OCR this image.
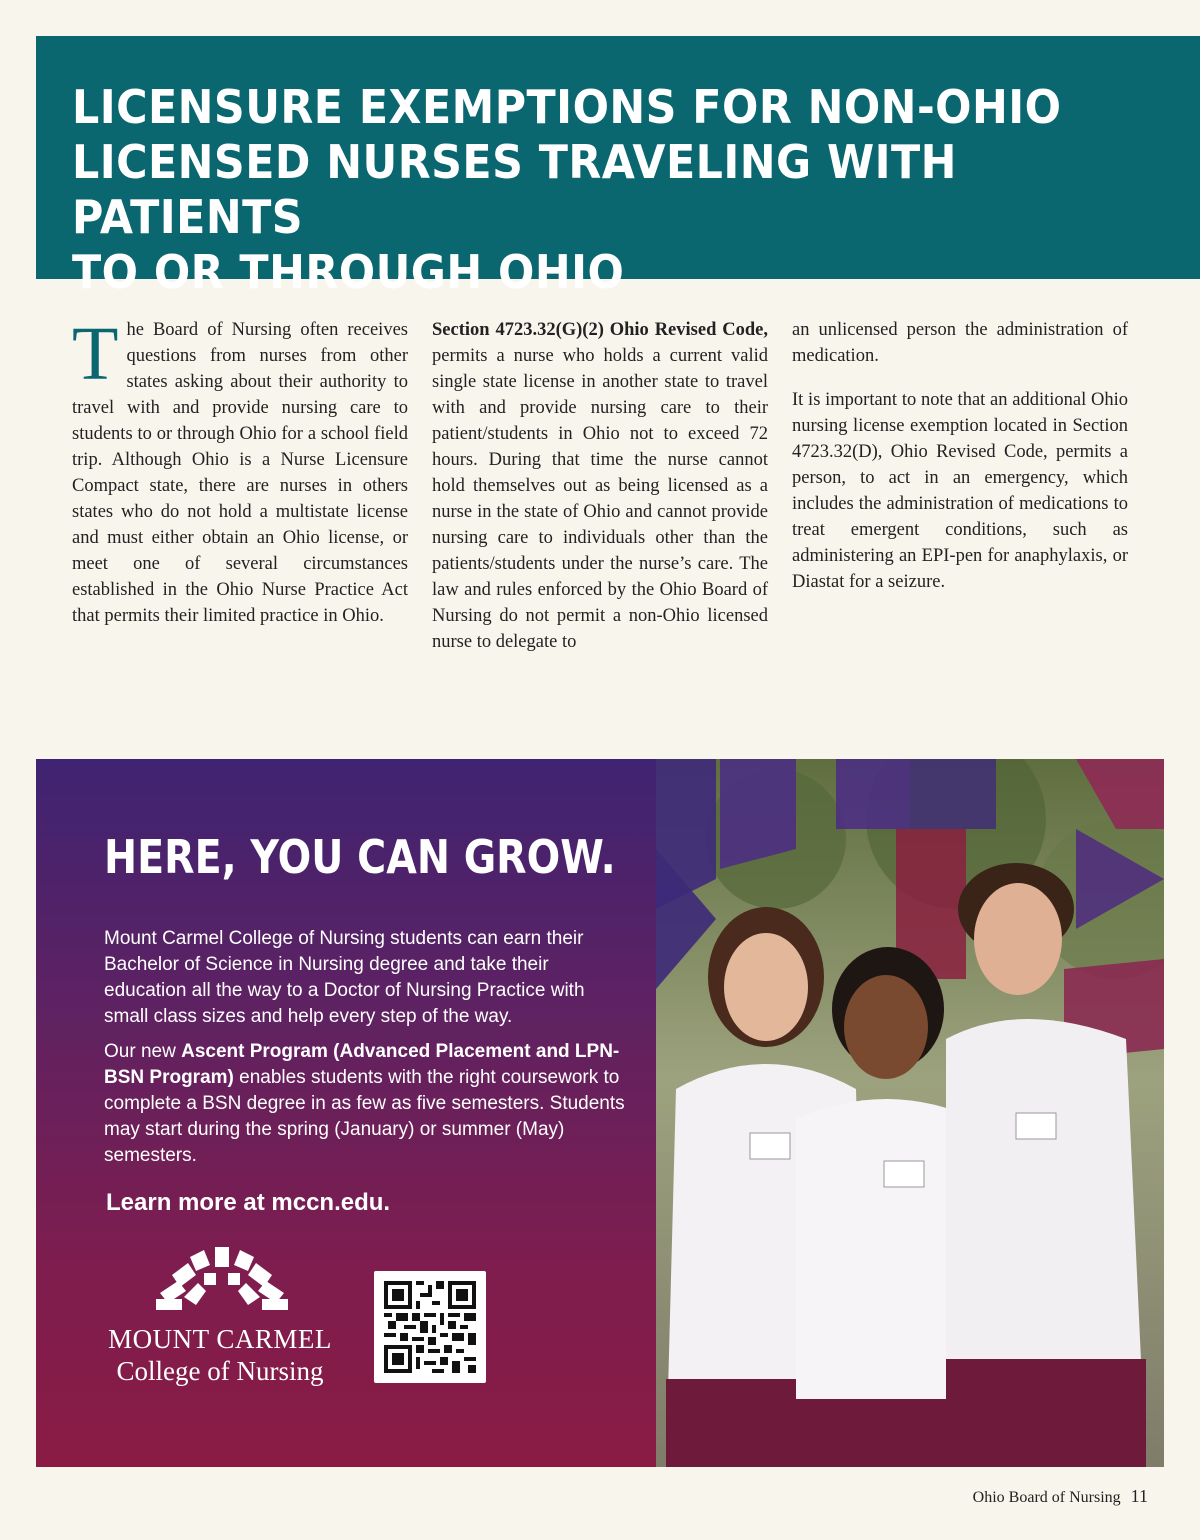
LICENSURE EXEMPTIONS FOR NON-OHIO
LICENSED NURSES TRAVELING WITH PATIENTS
TO OR THROUGH OHIO

The Board of Nursing often receives questions from nurses from other states asking about their authority to travel with and provide nursing care to students to or through Ohio for a school field trip. Although Ohio is a Nurse Licensure Compact state, there are nurses in others states who do not hold a multistate license and must either obtain an Ohio license, or meet one of several circumstances established in the Ohio Nurse Practice Act that permits their limited practice in Ohio.

Section 4723.32(G)(2) Ohio Revised Code, permits a nurse who holds a current valid single state license in another state to travel with and provide nursing care to their patient/students in Ohio not to exceed 72 hours. During that time the nurse cannot hold themselves out as being licensed as a nurse in the state of Ohio and cannot provide nursing care to individuals other than the patients/students under the nurse’s care. The law and rules enforced by the Ohio Board of Nursing do not permit a non-Ohio licensed nurse to delegate to

an unlicensed person the administration of medication.

It is important to note that an additional Ohio nursing license exemption located in Section 4723.32(D), Ohio Revised Code, permits a person, to act in an emergency, which includes the administration of medications to treat emergent conditions, such as administering an EPI-pen for anaphylaxis, or Diastat for a seizure.

HERE, YOU CAN GROW.

Mount Carmel College of Nursing students can earn their Bachelor of Science in Nursing degree and take their education all the way to a Doctor of Nursing Practice with small class sizes and help every step of the way.

Our new Ascent Program (Advanced Placement and LPN-BSN Program) enables students with the right coursework to complete a BSN degree in as few as five semesters. Students may start during the spring (January) or summer (May) semesters.

Learn more at mccn.edu.
MOUNT CARMEL
College of Nursing
Ohio Board of Nursing 11
